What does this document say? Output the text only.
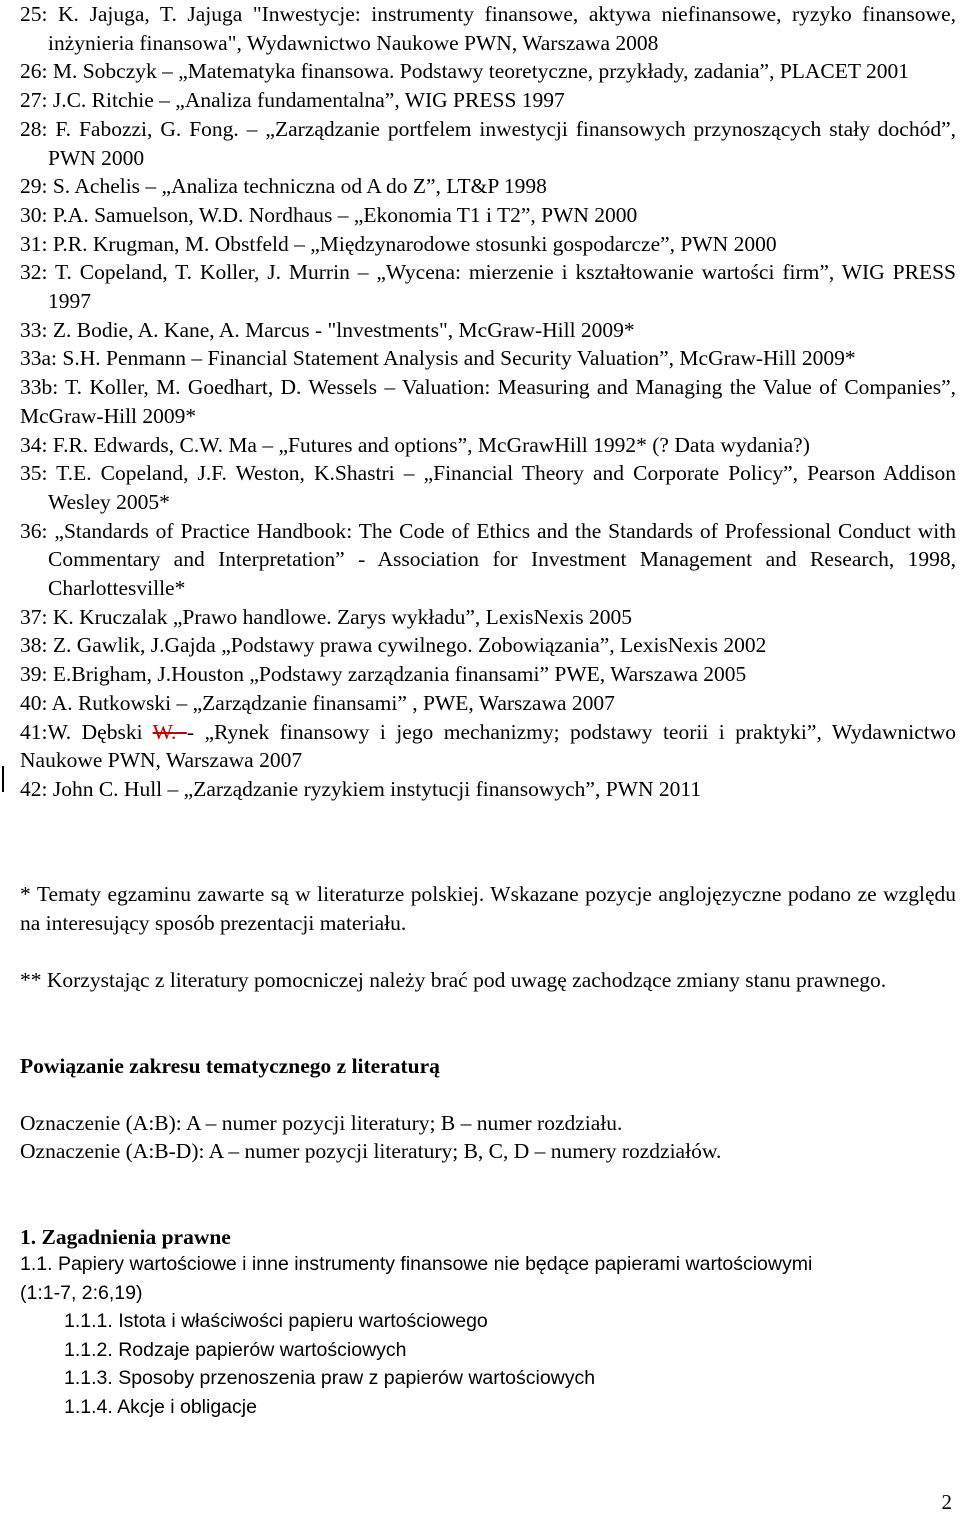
25: K. Jajuga, T. Jajuga "Inwestycje: instrumenty finansowe, aktywa niefinansowe, ryzyko finansowe, inżynieria finansowa", Wydawnictwo Naukowe PWN, Warszawa 2008

26: M. Sobczyk – „Matematyka finansowa. Podstawy teoretyczne, przykłady, zadania”, PLACET 2001

27: J.C. Ritchie – „Analiza fundamentalna”, WIG PRESS 1997

28: F. Fabozzi, G. Fong. – „Zarządzanie portfelem inwestycji finansowych przynoszących stały dochód”, PWN 2000

29: S. Achelis – „Analiza techniczna od A do Z”, LT&P 1998

30: P.A. Samuelson, W.D. Nordhaus – „Ekonomia T1 i T2”, PWN 2000

31: P.R. Krugman, M. Obstfeld – „Międzynarodowe stosunki gospodarcze”, PWN 2000

32: T. Copeland, T. Koller, J. Murrin – „Wycena: mierzenie i kształtowanie wartości firm”, WIG PRESS 1997

33: Z. Bodie, A. Kane, A. Marcus - "lnvestments", McGraw-Hill 2009*

33a: S.H. Penmann – Financial Statement Analysis and Security Valuation”, McGraw-Hill 2009*

33b: T. Koller, M. Goedhart, D. Wessels – Valuation: Measuring and Managing the Value of Companies”, McGraw-Hill 2009*

34: F.R. Edwards, C.W. Ma – „Futures and options”, McGrawHill 1992* (? Data wydania?)

35: T.E. Copeland, J.F. Weston, K.Shastri – „Financial Theory and Corporate Policy”, Pearson Addison Wesley 2005*

36: „Standards of Practice Handbook: The Code of Ethics and the Standards of Professional Conduct with Commentary and Interpretation” - Association for Investment Management and Research, 1998, Charlottesville*

37: K. Kruczalak „Prawo handlowe. Zarys wykładu”, LexisNexis 2005

38: Z. Gawlik, J.Gajda „Podstawy prawa cywilnego. Zobowiązania”, LexisNexis 2002

39: E.Brigham, J.Houston „Podstawy zarządzania finansami” PWE, Warszawa 2005

40: A. Rutkowski – „Zarządzanie finansami” , PWE, Warszawa 2007

41:W. Dębski W. - „Rynek finansowy i jego mechanizmy; podstawy teorii i praktyki”, Wydawnictwo Naukowe PWN, Warszawa 2007

42: John C. Hull – „Zarządzanie ryzykiem instytucji finansowych”, PWN 2011

* Tematy egzaminu zawarte są w literaturze polskiej. Wskazane pozycje anglojęzyczne podano ze względu na interesujący sposób prezentacji materiału.

** Korzystając z literatury pomocniczej należy brać pod uwagę zachodzące zmiany stanu prawnego.

Powiązanie zakresu tematycznego z literaturą

Oznaczenie (A:B): A – numer pozycji literatury; B – numer rozdziału.

Oznaczenie (A:B-D): A – numer pozycji literatury; B, C, D – numery rozdziałów.

1. Zagadnienia prawne

1.1. Papiery wartościowe i inne instrumenty finansowe nie będące papierami wartościowymi

(1:1-7, 2:6,19)

1.1.1. Istota i właściwości papieru wartościowego

1.1.2. Rodzaje papierów wartościowych

1.1.3. Sposoby przenoszenia praw z papierów wartościowych

1.1.4. Akcje i obligacje

2
